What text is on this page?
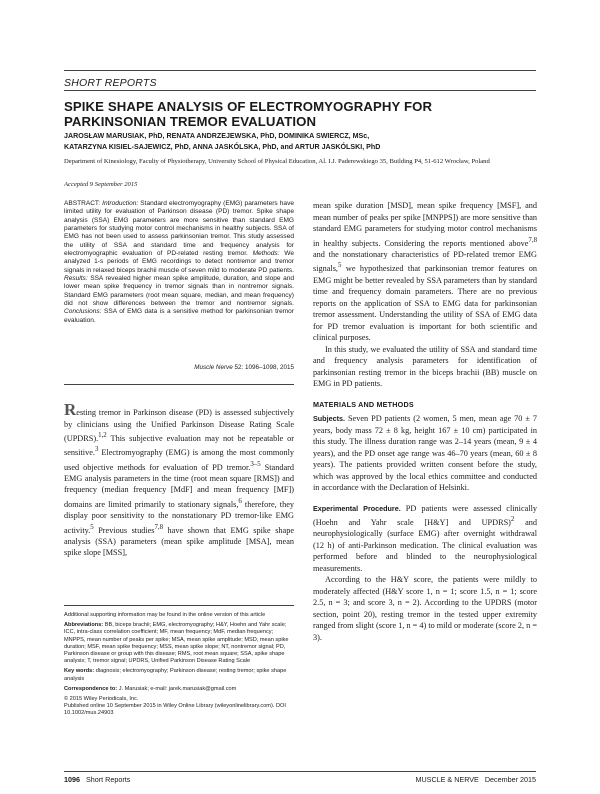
SHORT REPORTS
SPIKE SHAPE ANALYSIS OF ELECTROMYOGRAPHY FOR PARKINSONIAN TREMOR EVALUATION
JAROSŁAW MARUSIAK, PhD, RENATA ANDRZEJEWSKA, PhD, DOMINIKA SWIERCZ, MSc,
KATARZYNA KISIEL-SAJEWICZ, PhD, ANNA JASKÓLSKA, PhD, and ARTUR JASKÓLSKI, PhD
Department of Kinesiology, Faculty of Physiotherapy, University School of Physical Education, Al. I.J. Paderewskiego 35, Building P4, 51-612 Wrocław, Poland
Accepted 9 September 2015
ABSTRACT: Introduction: Standard electromyography (EMG) parameters have limited utility for evaluation of Parkinson disease (PD) tremor. Spike shape analysis (SSA) EMG parameters are more sensitive than standard EMG parameters for studying motor control mechanisms in healthy subjects. SSA of EMG has not been used to assess parkinsonian tremor. This study assessed the utility of SSA and standard time and frequency analysis for electromyographic evaluation of PD-related resting tremor. Methods: We analyzed 1-s periods of EMG recordings to detect nontremor and tremor signals in relaxed biceps brachii muscle of seven mild to moderate PD patients. Results: SSA revealed higher mean spike amplitude, duration, and slope and lower mean spike frequency in tremor signals than in nontremor signals. Standard EMG parameters (root mean square, median, and mean frequency) did not show differences between the tremor and nontremor signals. Conclusions: SSA of EMG data is a sensitive method for parkinsonian tremor evaluation.
Muscle Nerve 52: 1096–1098, 2015
Resting tremor in Parkinson disease (PD) is assessed subjectively by clinicians using the Unified Parkinson Disease Rating Scale (UPDRS).$^{1,2}$ This subjective evaluation may not be repeatable or sensitive.$^3$ Electromyography (EMG) is among the most commonly used objective methods for evaluation of PD tremor.$^{3-5}$ Standard EMG analysis parameters in the time (root mean square [RMS]) and frequency (median frequency [MdF] and mean frequency [MF]) domains are limited primarily to stationary signals,$^6$ therefore, they display poor sensitivity to the nonstationary PD tremor-like EMG activity.$^5$ Previous studies$^{7,8}$ have shown that EMG spike shape analysis (SSA) parameters (mean spike amplitude [MSA], mean spike slope [MSS],

Additional supporting information may be found in the online version of this article

Abbreviations: BB, biceps brachii; EMG, electromyography; H&Y, Hoehn and Yahr scale; ICC, intra-class correlation coefficient; MF, mean frequency; MdF, median frequency; MNPPS, mean number of peaks per spike; MSA, mean spike amplitude; MSD, mean spike duration; MSF, mean spike frequency; MSS, mean spike slope; NT, nontremor signal; PD, Parkinson disease or group with this disease; RMS, root mean square; SSA, spike shape analysis; T, tremor signal; UPDRS, Unified Parkinson Disease Rating Scale

Key words: diagnosis; electromyography; Parkinson disease; resting tremor; spike shape analysis

Correspondence to: J. Marusiak; e-mail: jarek.marusiak@gmail.com

© 2015 Wiley Periodicals, Inc.

Published online 10 September 2015 in Wiley Online Library (wileyonlinelibrary.com). DOI 10.1002/mus.24903

mean spike duration [MSD], mean spike frequency [MSF], and mean number of peaks per spike [MNPPS]) are more sensitive than standard EMG parameters for studying motor control mechanisms in healthy subjects. Considering the reports mentioned above$^{7,8}$ and the nonstationary characteristics of PD-related tremor EMG signals,$^5$ we hypothesized that parkinsonian tremor features on EMG might be better revealed by SSA parameters than by standard time and frequency domain parameters. There are no previous reports on the application of SSA to EMG data for parkinsonian tremor assessment. Understanding the utility of SSA of EMG data for PD tremor evaluation is important for both scientific and clinical purposes.

In this study, we evaluated the utility of SSA and standard time and frequency analysis parameters for identification of parkinsonian resting tremor in the biceps brachii (BB) muscle on EMG in PD patients.

MATERIALS AND METHODS

Subjects. Seven PD patients (2 women, 5 men, mean age 70 ± 7 years, body mass 72 ± 8 kg, height 167 ± 10 cm) participated in this study. The illness duration range was 2–14 years (mean, 9 ± 4 years), and the PD onset age range was 46–70 years (mean, 60 ± 8 years). The patients provided written consent before the study, which was approved by the local ethics committee and conducted in accordance with the Declaration of Helsinki.

Experimental Procedure. PD patients were assessed clinically (Hoehn and Yahr scale [H&Y] and UPDRS)$^2$ and neurophysiologically (surface EMG) after overnight withdrawal (12 h) of anti-Parkinson medication. The clinical evaluation was performed before and blinded to the neurophysiological measurements.

According to the H&Y score, the patients were mildly to moderately affected (H&Y score 1, n = 1; score 1.5, n = 1; score 2.5, n = 3; and score 3, n = 2). According to the UPDRS (motor section, point 20), resting tremor in the tested upper extremity ranged from slight (score 1, n = 4) to mild or moderate (score 2, n = 3).

1096 Short Reports	MUSCLE & NERVE December 2015
